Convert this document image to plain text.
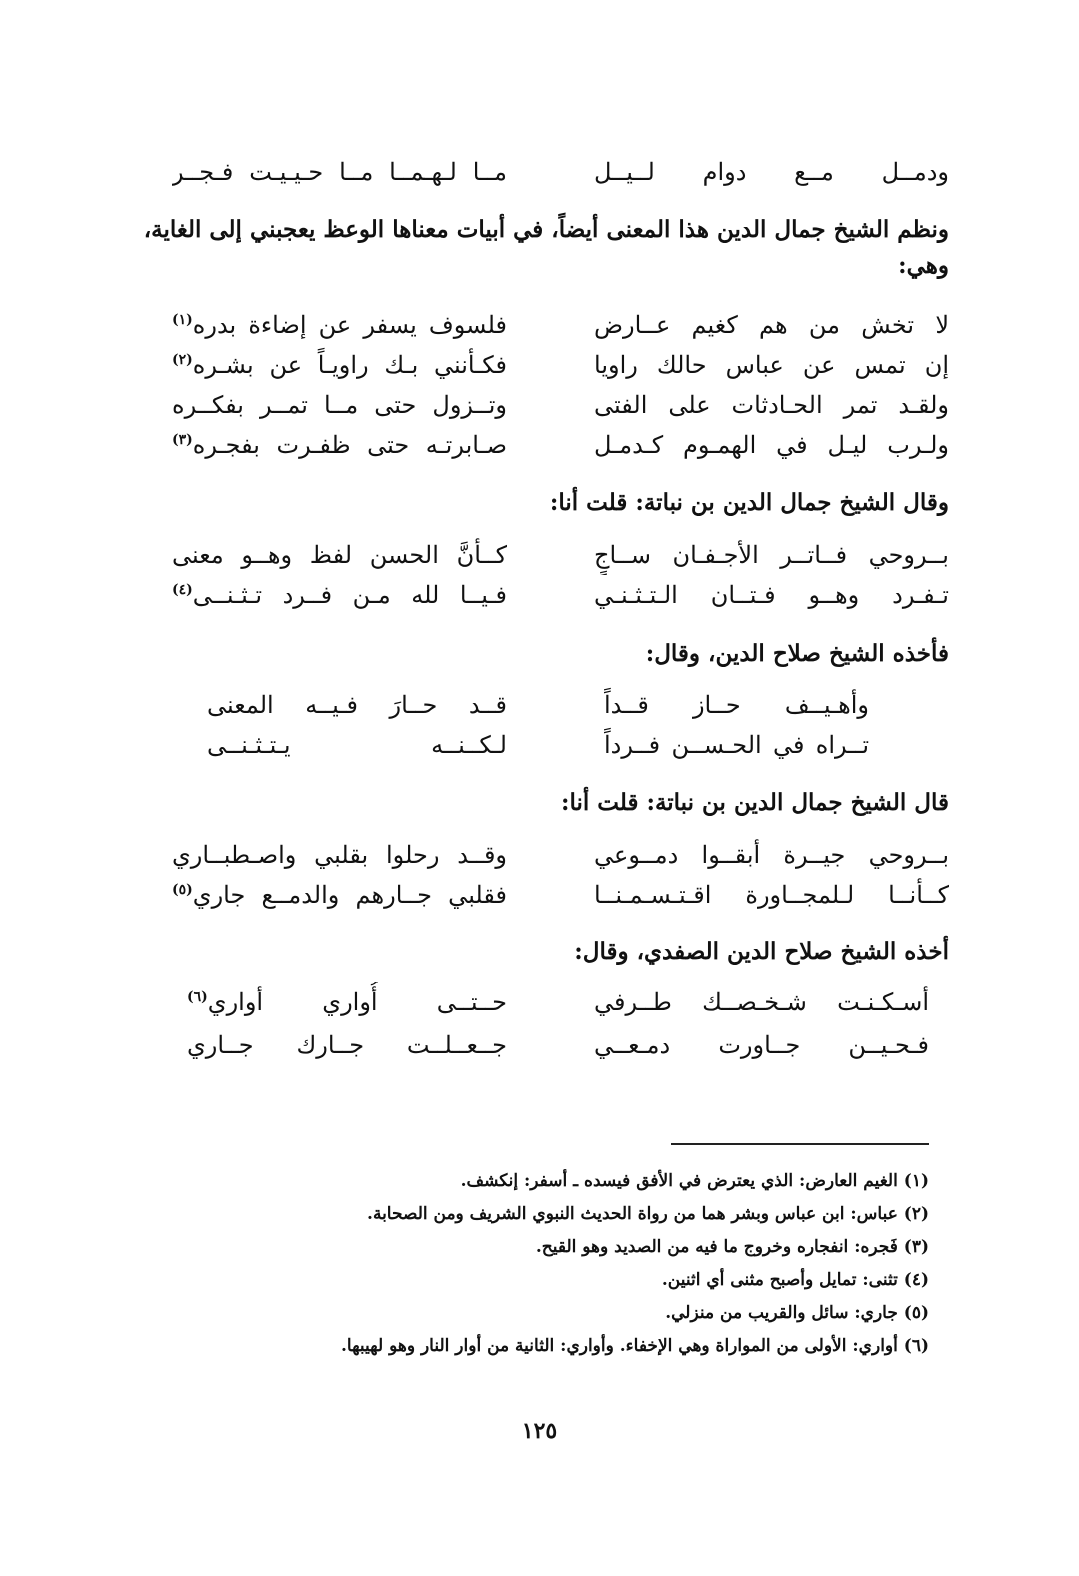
ودمــل مــع دوام لــيــل
مــا لـهـمــا مــا حـيـيـت فـجــر
ونظم الشيخ جمال الدين هذا المعنى أيضاً، في أبيات معناها الوعظ يعجبني إلى الغاية،
وهي:
لا تخش من هم كغيم عــارض
فلسوف يسفر عن إضاءة بدره$^{(١)}$
إن تمس عن عباس حالك راويا
فكـأنني بـك راويـاً عن بشـره$^{(٢)}$
ولقـد تمر الحـادثات على الفتى
وتــزول حتى مــا تمــر بفكــره
ولـرب ليـل في الهمـوم كـدمـل
صـابرتـه حتى ظفـرت بفجـره$^{(٣)}$
وقال الشيخ جمال الدين بن نباتة: قلت أنا:
بــروحي فــاتــر الأجـفـان ســاجٍ
كــأنَّ الحسن لفظ وهــو معنى
تـفـرد وهــو فـتــان الـتـثـنـي
فـيــا لله مـن فــرد تـثـنــى$^{(٤)}$
فأخذه الشيخ صلاح الدين، وقال:
وأهـيــف حــاز قــداً
قــد حــارَ فـيــه المعنى
تــراه في الحـســن فــرداً
لـكــنــه يـتـثـنــى
قال الشيخ جمال الدين بن نباتة: قلت أنا:
بــروحي جيــرة أبقــوا دمــوعي
وقــد رحلوا بقلبي واصـطبــاري
كــأنــا لـلمجــاورة اقـتـسـمـنــا
فقلبي جــارهم والدمــع جاري$^{(٥)}$
أخذه الشيخ صلاح الدين الصفدي، وقال:
أسـكـنـت شـخـصــك طــرفي
حــتــى أُواري أواري$^{(٦)}$
فـحـيــن جــاورت دمـعــي
جــعــلــت جــارك جــاري
(١) الغيم العارض: الذي يعترض في الأفق فيسده ـ أسفر: إنكشف.
(٢) عباس: ابن عباس وبشر هما من رواة الحديث النبوي الشريف ومن الصحابة.
(٣) فَجره: انفجاره وخروج ما فيه من الصديد وهو القيح.
(٤) تثنى: تمايل وأصبح مثنى أي اثنين.
(٥) جاري: سائل والقريب من منزلي.
(٦) أواري: الأولى من المواراة وهي الإخفاء. وأواري: الثانية من أوار النار وهو لهيبها.
١٢٥
